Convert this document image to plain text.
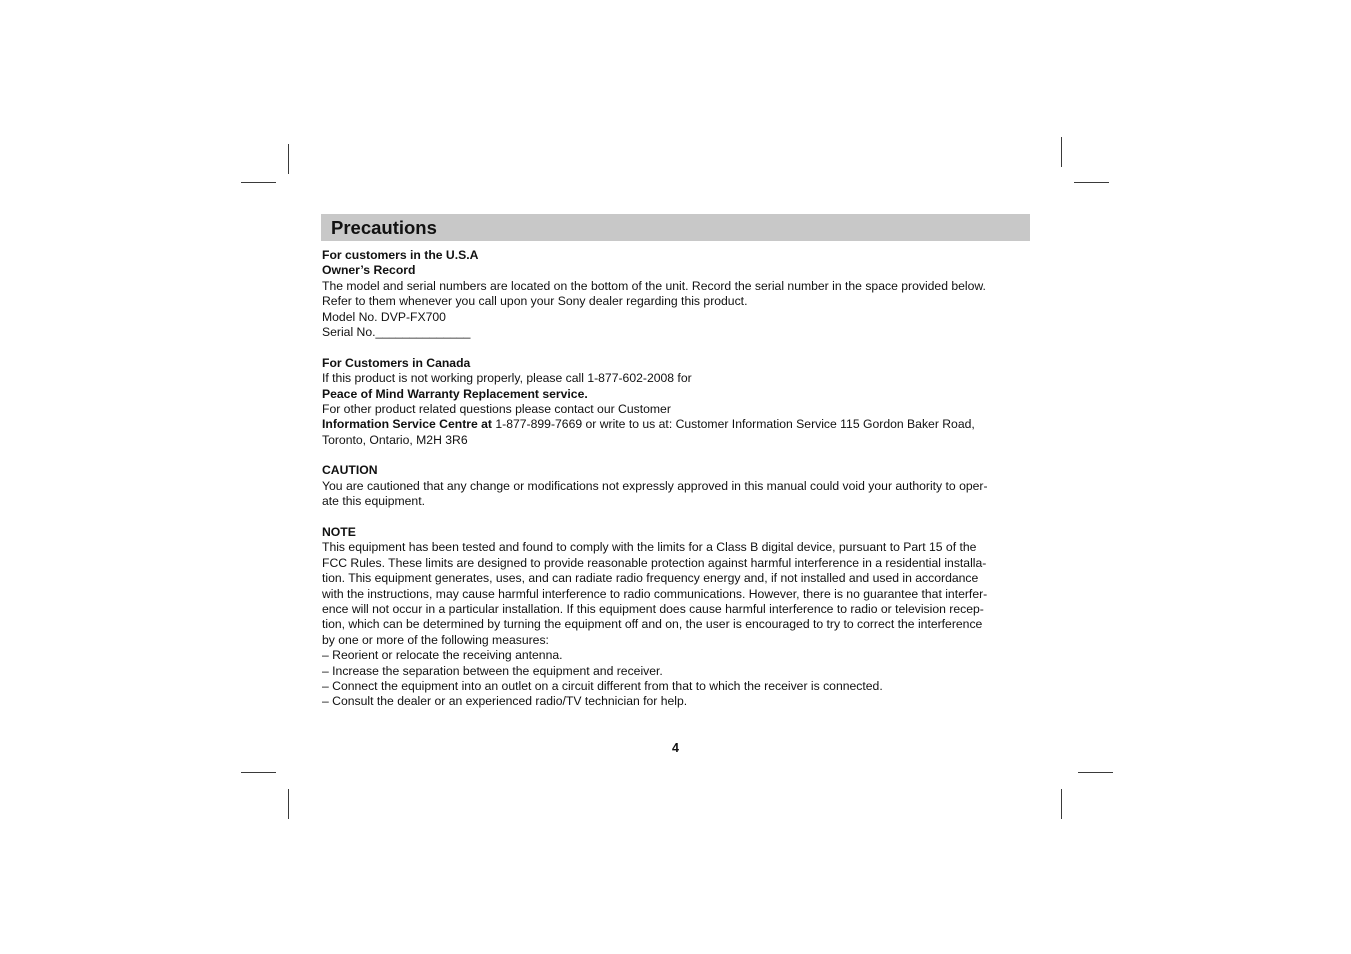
Precautions
For customers in the U.S.A
Owner’s Record
The model and serial numbers are located on the bottom of the unit. Record the serial number in the space provided below.
Refer to them whenever you call upon your Sony dealer regarding this product.
Model No. DVP-FX700
Serial No.______________
For Customers in Canada
If this product is not working properly, please call 1-877-602-2008 for
Peace of Mind Warranty Replacement service.
For other product related questions please contact our Customer
Information Service Centre at 1-877-899-7669 or write to us at: Customer Information Service 115 Gordon Baker Road,
Toronto, Ontario, M2H 3R6
CAUTION
You are cautioned that any change or modifications not expressly approved in this manual could void your authority to oper-
ate this equipment.
NOTE
This equipment has been tested and found to comply with the limits for a Class B digital device, pursuant to Part 15 of the
FCC Rules. These limits are designed to provide reasonable protection against harmful interference in a residential installa-
tion. This equipment generates, uses, and can radiate radio frequency energy and, if not installed and used in accordance
with the instructions, may cause harmful interference to radio communications. However, there is no guarantee that interfer-
ence will not occur in a particular installation. If this equipment does cause harmful interference to radio or television recep-
tion, which can be determined by turning the equipment off and on, the user is encouraged to try to correct the interference
by one or more of the following measures:
– Reorient or relocate the receiving antenna.
– Increase the separation between the equipment and receiver.
– Connect the equipment into an outlet on a circuit different from that to which the receiver is connected.
– Consult the dealer or an experienced radio/TV technician for help.
4
